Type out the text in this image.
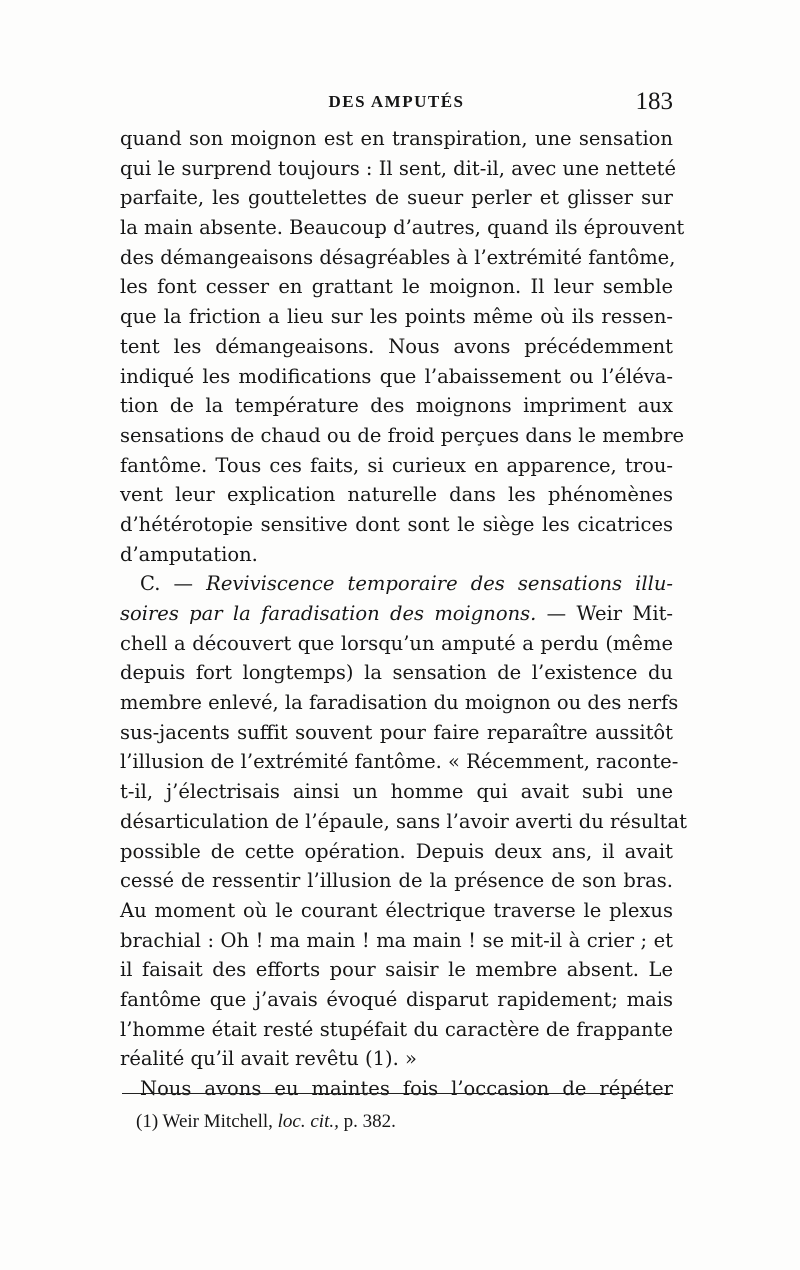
DES AMPUTÉS	183
quand son moignon est en transpiration, une sensation
qui le surprend toujours : Il sent, dit-il, avec une netteté
parfaite, les gouttelettes de sueur perler et glisser sur
la main absente. Beaucoup d’autres, quand ils éprouvent
des démangeaisons désagréables à l’extrémité fantôme,
les font cesser en grattant le moignon. Il leur semble
que la friction a lieu sur les points même où ils ressen-
tent les démangeaisons. Nous avons précédemment
indiqué les modifications que l’abaissement ou l’éléva-
tion de la température des moignons impriment aux
sensations de chaud ou de froid perçues dans le membre
fantôme. Tous ces faits, si curieux en apparence, trou-
vent leur explication naturelle dans les phénomènes
d’hétérotopie sensitive dont sont le siège les cicatrices
d’amputation.
C. — Reviviscence temporaire des sensations illu-
soires par la faradisation des moignons. — Weir Mit-
chell a découvert que lorsqu’un amputé a perdu (même
depuis fort longtemps) la sensation de l’existence du
membre enlevé, la faradisation du moignon ou des nerfs
sus-jacents suffit souvent pour faire reparaître aussitôt
l’illusion de l’extrémité fantôme. « Récemment, raconte-
t-il, j’électrisais ainsi un homme qui avait subi une
désarticulation de l’épaule, sans l’avoir averti du résultat
possible de cette opération. Depuis deux ans, il avait
cessé de ressentir l’illusion de la présence de son bras.
Au moment où le courant électrique traverse le plexus
brachial : Oh ! ma main ! ma main ! se mit-il à crier ; et
il faisait des efforts pour saisir le membre absent. Le
fantôme que j’avais évoqué disparut rapidement; mais
l’homme était resté stupéfait du caractère de frappante
réalité qu’il avait revêtu (1). »
Nous avons eu maintes fois l’occasion de répéter
(1) Weir Mitchell, loc. cit., p. 382.
